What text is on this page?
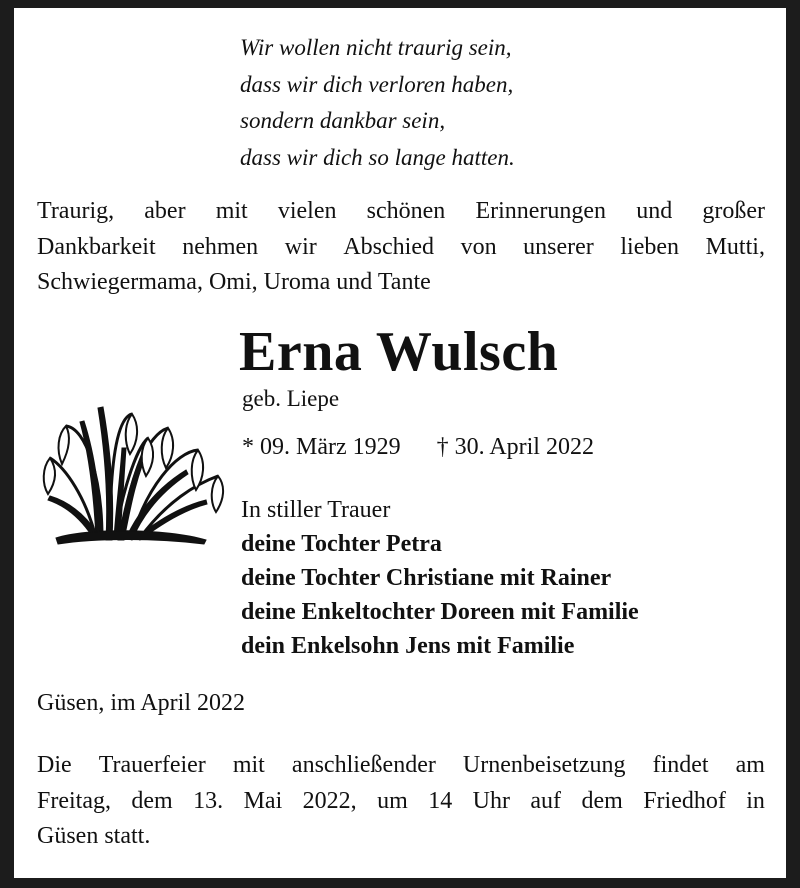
Wir wollen nicht traurig sein,
dass wir dich verloren haben,
sondern dankbar sein,
dass wir dich so lange hatten.
Traurig, aber mit vielen schönen Erinnerungen und großer
Dankbarkeit nehmen wir Abschied von unserer lieben Mutti,
Schwiegermama, Omi, Uroma und Tante
Erna Wulsch
geb. Liepe
* 09. März 1929 † 30. April 2022
In stiller Trauer
deine Tochter Petra
deine Tochter Christiane mit Rainer
deine Enkeltochter Doreen mit Familie
dein Enkelsohn Jens mit Familie
Güsen, im April 2022
Die Trauerfeier mit anschließender Urnenbeisetzung findet am
Freitag, dem 13. Mai 2022, um 14 Uhr auf dem Friedhof in
Güsen statt.
